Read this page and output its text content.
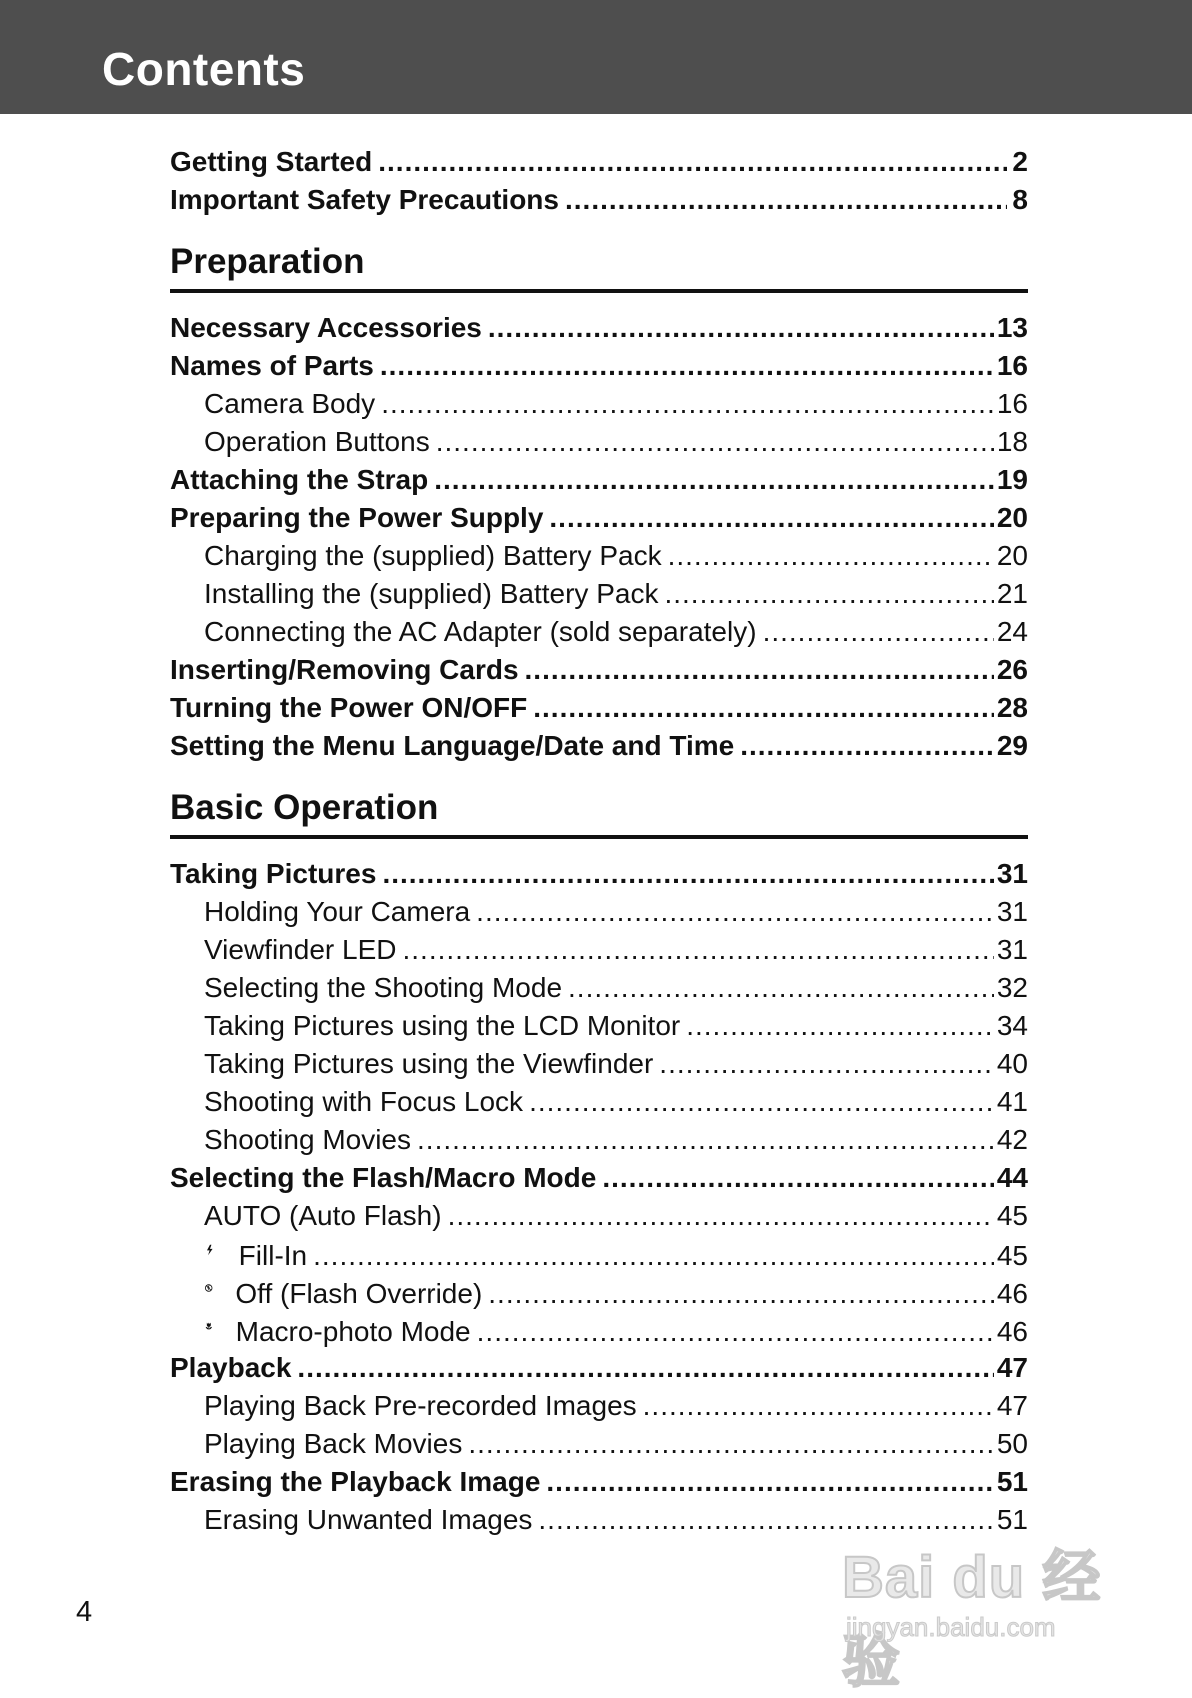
Contents
Getting Started .....	2
Important Safety Precautions .....	8
Preparation
Necessary Accessories .....	13
Names of Parts .....	16
Camera Body .....	16
Operation Buttons .....	18
Attaching the Strap .....	19
Preparing the Power Supply .....	20
Charging the (supplied) Battery Pack .....	20
Installing the (supplied) Battery Pack .....	21
Connecting the AC Adapter (sold separately) .....	24
Inserting/Removing Cards .....	26
Turning the Power ON/OFF .....	28
Setting the Menu Language/Date and Time .....	29
Basic Operation
Taking Pictures .....	31
Holding Your Camera .....	31
Viewfinder LED .....	31
Selecting the Shooting Mode .....	32
Taking Pictures using the LCD Monitor .....	34
Taking Pictures using the Viewfinder .....	40
Shooting with Focus Lock .....	41
Shooting Movies .....	42
Selecting the Flash/Macro Mode .....	44
AUTO (Auto Flash) .....	45
Fill-In .....	45
Off (Flash Override) .....	46
Macro-photo Mode .....	46
Playback .....	47
Playing Back Pre-recorded Images .....	47
Playing Back Movies .....	50
Erasing the Playback Image .....	51
Erasing Unwanted Images .....	51
4
Bai du 经验
jingyan.baidu.com
